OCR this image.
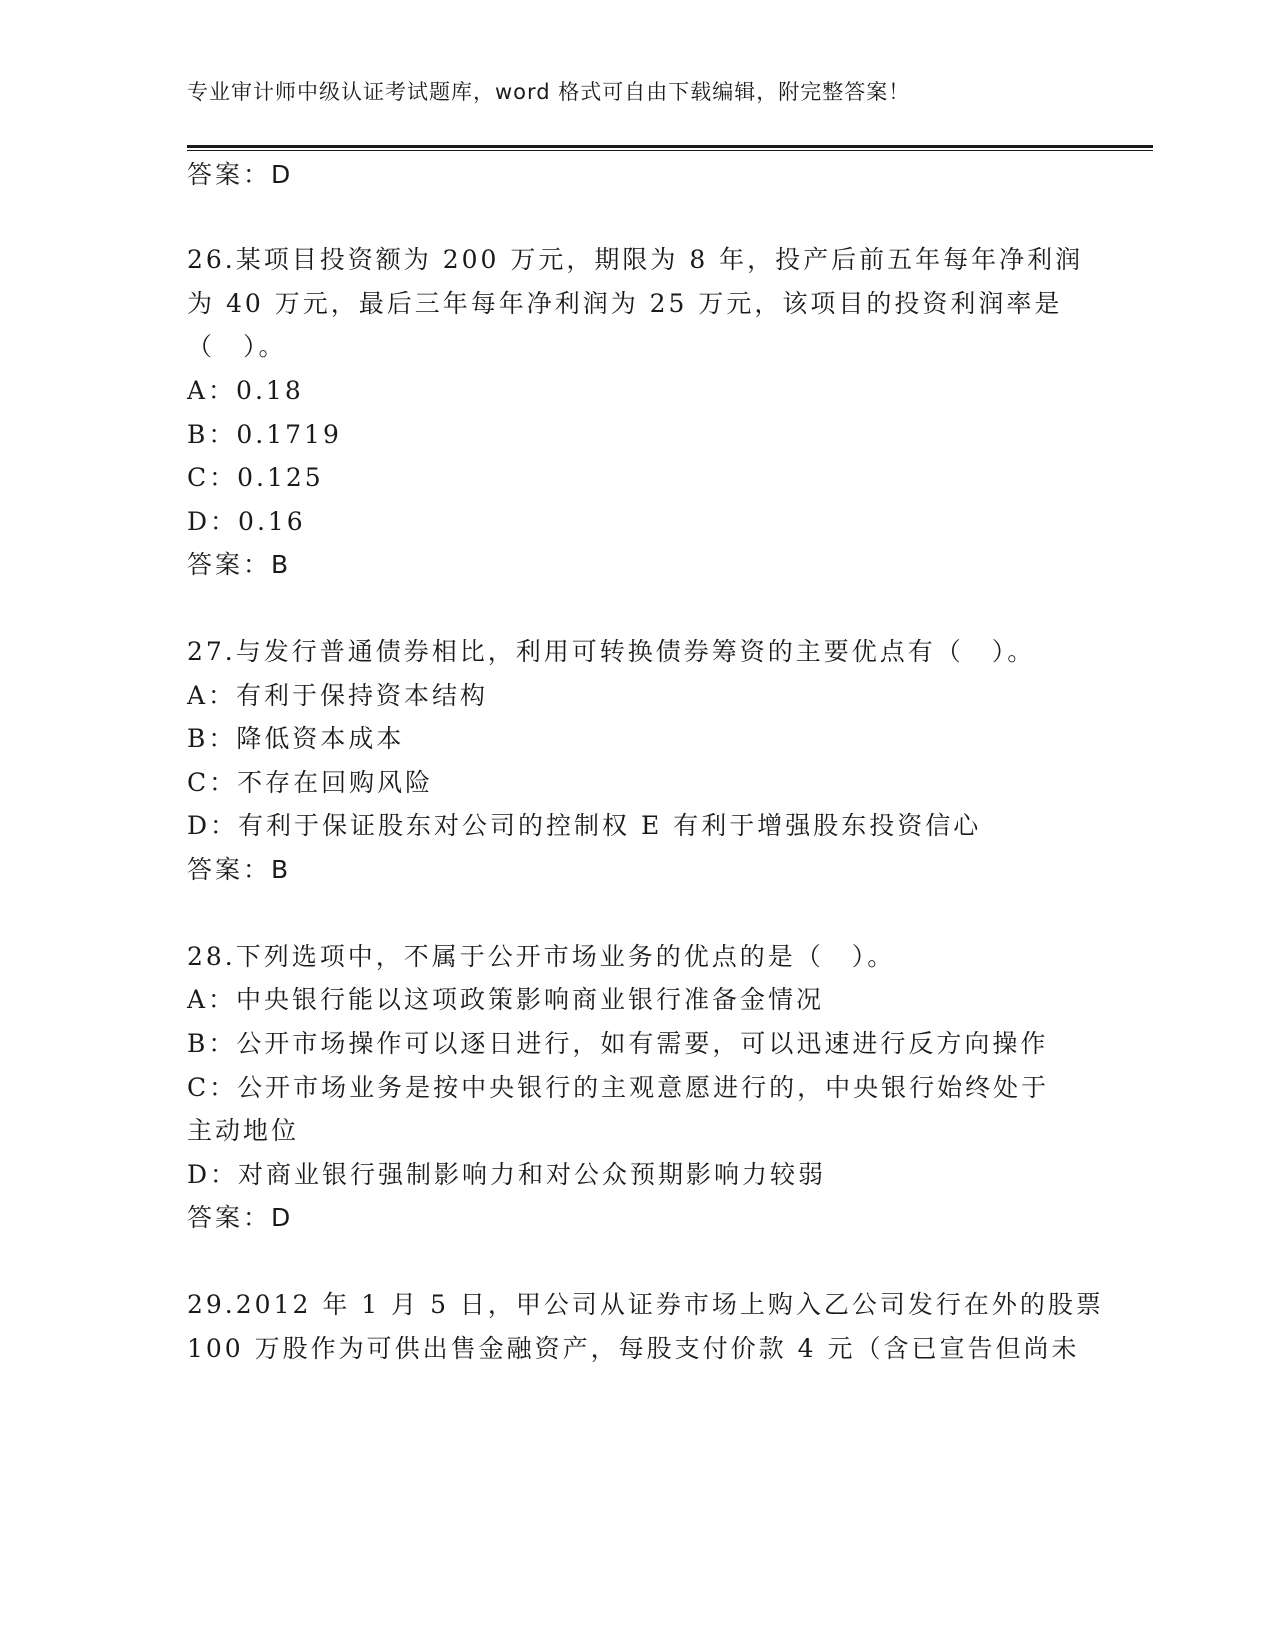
专业审计师中级认证考试题库，word 格式可自由下载编辑，附完整答案！
答案：D
26.某项目投资额为 200 万元，期限为 8 年，投产后前五年每年净利润
为 40 万元，最后三年每年净利润为 25 万元，该项目的投资利润率是
（　）。
A：0.18
B：0.1719
C：0.125
D：0.16
答案：B
27.与发行普通债券相比，利用可转换债券筹资的主要优点有（　）。
A：有利于保持资本结构
B：降低资本成本
C：不存在回购风险
D：有利于保证股东对公司的控制权 E 有利于增强股东投资信心
答案：B
28.下列选项中，不属于公开市场业务的优点的是（　）。
A：中央银行能以这项政策影响商业银行准备金情况
B：公开市场操作可以逐日进行，如有需要，可以迅速进行反方向操作
C：公开市场业务是按中央银行的主观意愿进行的，中央银行始终处于
主动地位
D：对商业银行强制影响力和对公众预期影响力较弱
答案：D
29.2012 年 1 月 5 日，甲公司从证券市场上购入乙公司发行在外的股票
100 万股作为可供出售金融资产，每股支付价款 4 元（含已宣告但尚未
